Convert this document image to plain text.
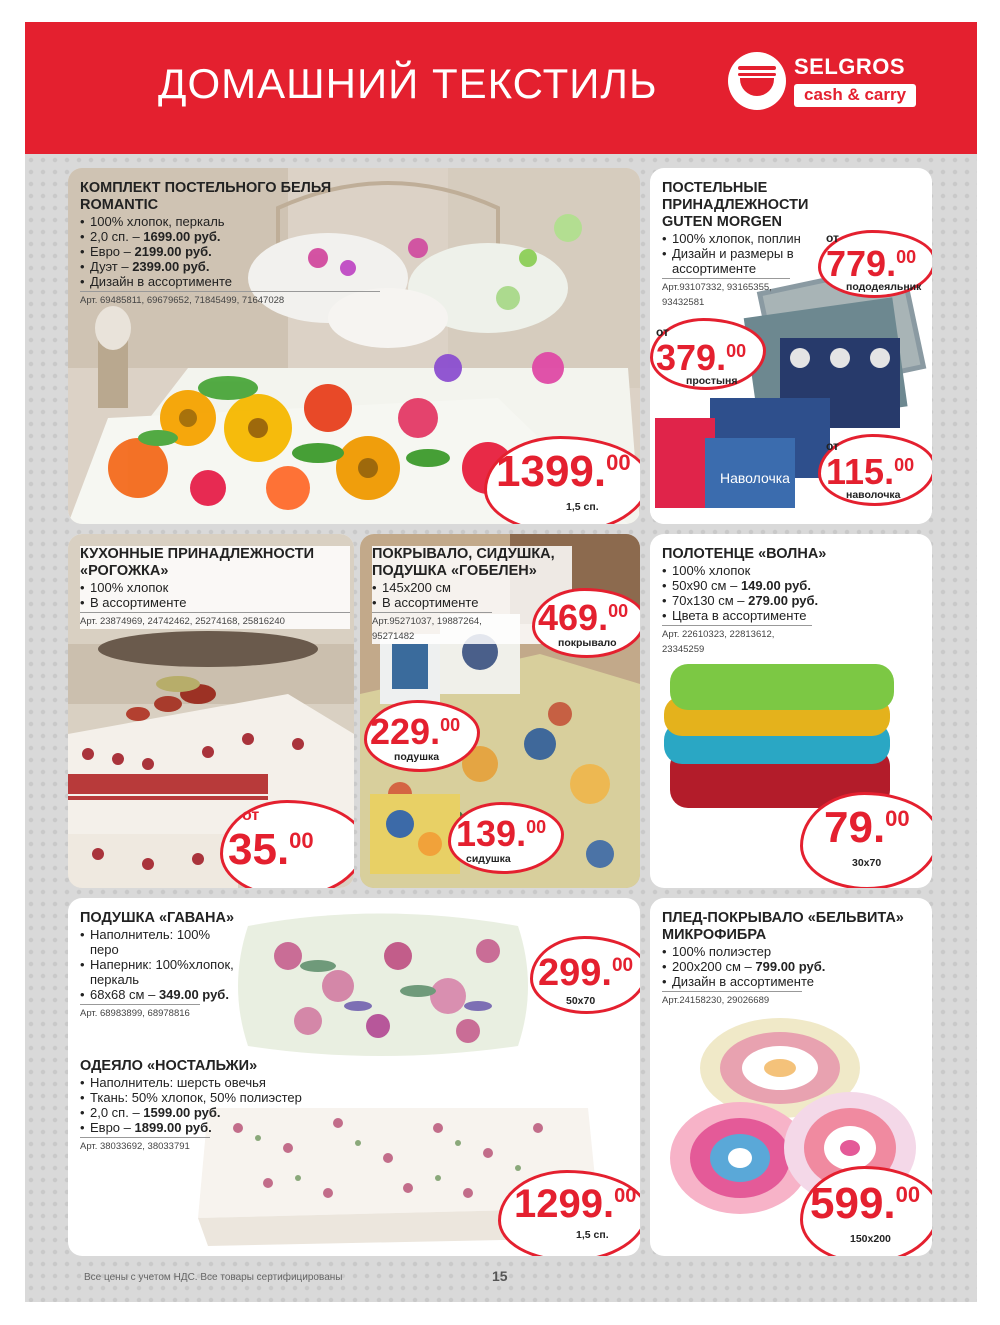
ДОМАШНИЙ ТЕКСТИЛЬ	SELGROS
cash & carry
КОМПЛЕКТ ПОСТЕЛЬНОГО БЕЛЬЯ ROMANTIC
• 100% хлопок, перкаль
• 2,0 сп. – 1699.00 руб.
• Евро – 2199.00 руб.
• Дуэт – 2399.00 руб.
• Дизайн в ассортименте
Арт. 69485811, 69679652, 71845499, 71647028
1399.00
1,5 сп.
Наволочка
ПОСТЕЛЬНЫЕ ПРИНАДЛЕЖНОСТИ GUTEN MORGEN
• 100% хлопок, поплин
• Дизайн и размеры в ассортименте
Арт.93107332, 93165355, 93432581
от
779.00
пододеяльник
от
379.00
простыня
от
115.00
наволочка
КУХОННЫЕ ПРИНАДЛЕЖНОСТИ «РОГОЖКА»
• 100% хлопок
• В ассортименте
Арт. 23874969, 24742462, 25274168, 25816240
от
35.00
ПОКРЫВАЛО, СИДУШКА, ПОДУШКА «ГОБЕЛЕН»
• 145х200 см
• В ассортименте
Арт.95271037, 19887264, 95271482	469.00
покрывало
229.00
подушка
139.00
сидушка
ПОЛОТЕНЦЕ «ВОЛНА»
• 100% хлопок
• 50х90 см – 149.00 руб.
• 70х130 см – 279.00 руб.
• Цвета в ассортименте
Арт. 22610323, 22813612, 23345259
79.00
30х70
ПОДУШКА «ГАВАНА»
• Наполнитель: 100% перо
• Наперник: 100%хлопок, перкаль
• 68х68 см – 349.00 руб.
Арт. 68983899, 68978816
299.00
50х70
ОДЕЯЛО «НОСТАЛЬЖИ»
• Наполнитель: шерсть овечья
• Ткань: 50% хлопок, 50% полиэстер
• 2,0 сп. – 1599.00 руб.
• Евро – 1899.00 руб.
Арт. 38033692, 38033791
1299.00
1,5 сп.
ПЛЕД-ПОКРЫВАЛО «БЕЛЬВИТА» МИКРОФИБРА
• 100% полиэстер
• 200х200 см – 799.00 руб.
• Дизайн в ассортименте
Арт.24158230, 29026689
599.00
150х200
Все цены с учетом НДС. Все товары сертифицированы	15
